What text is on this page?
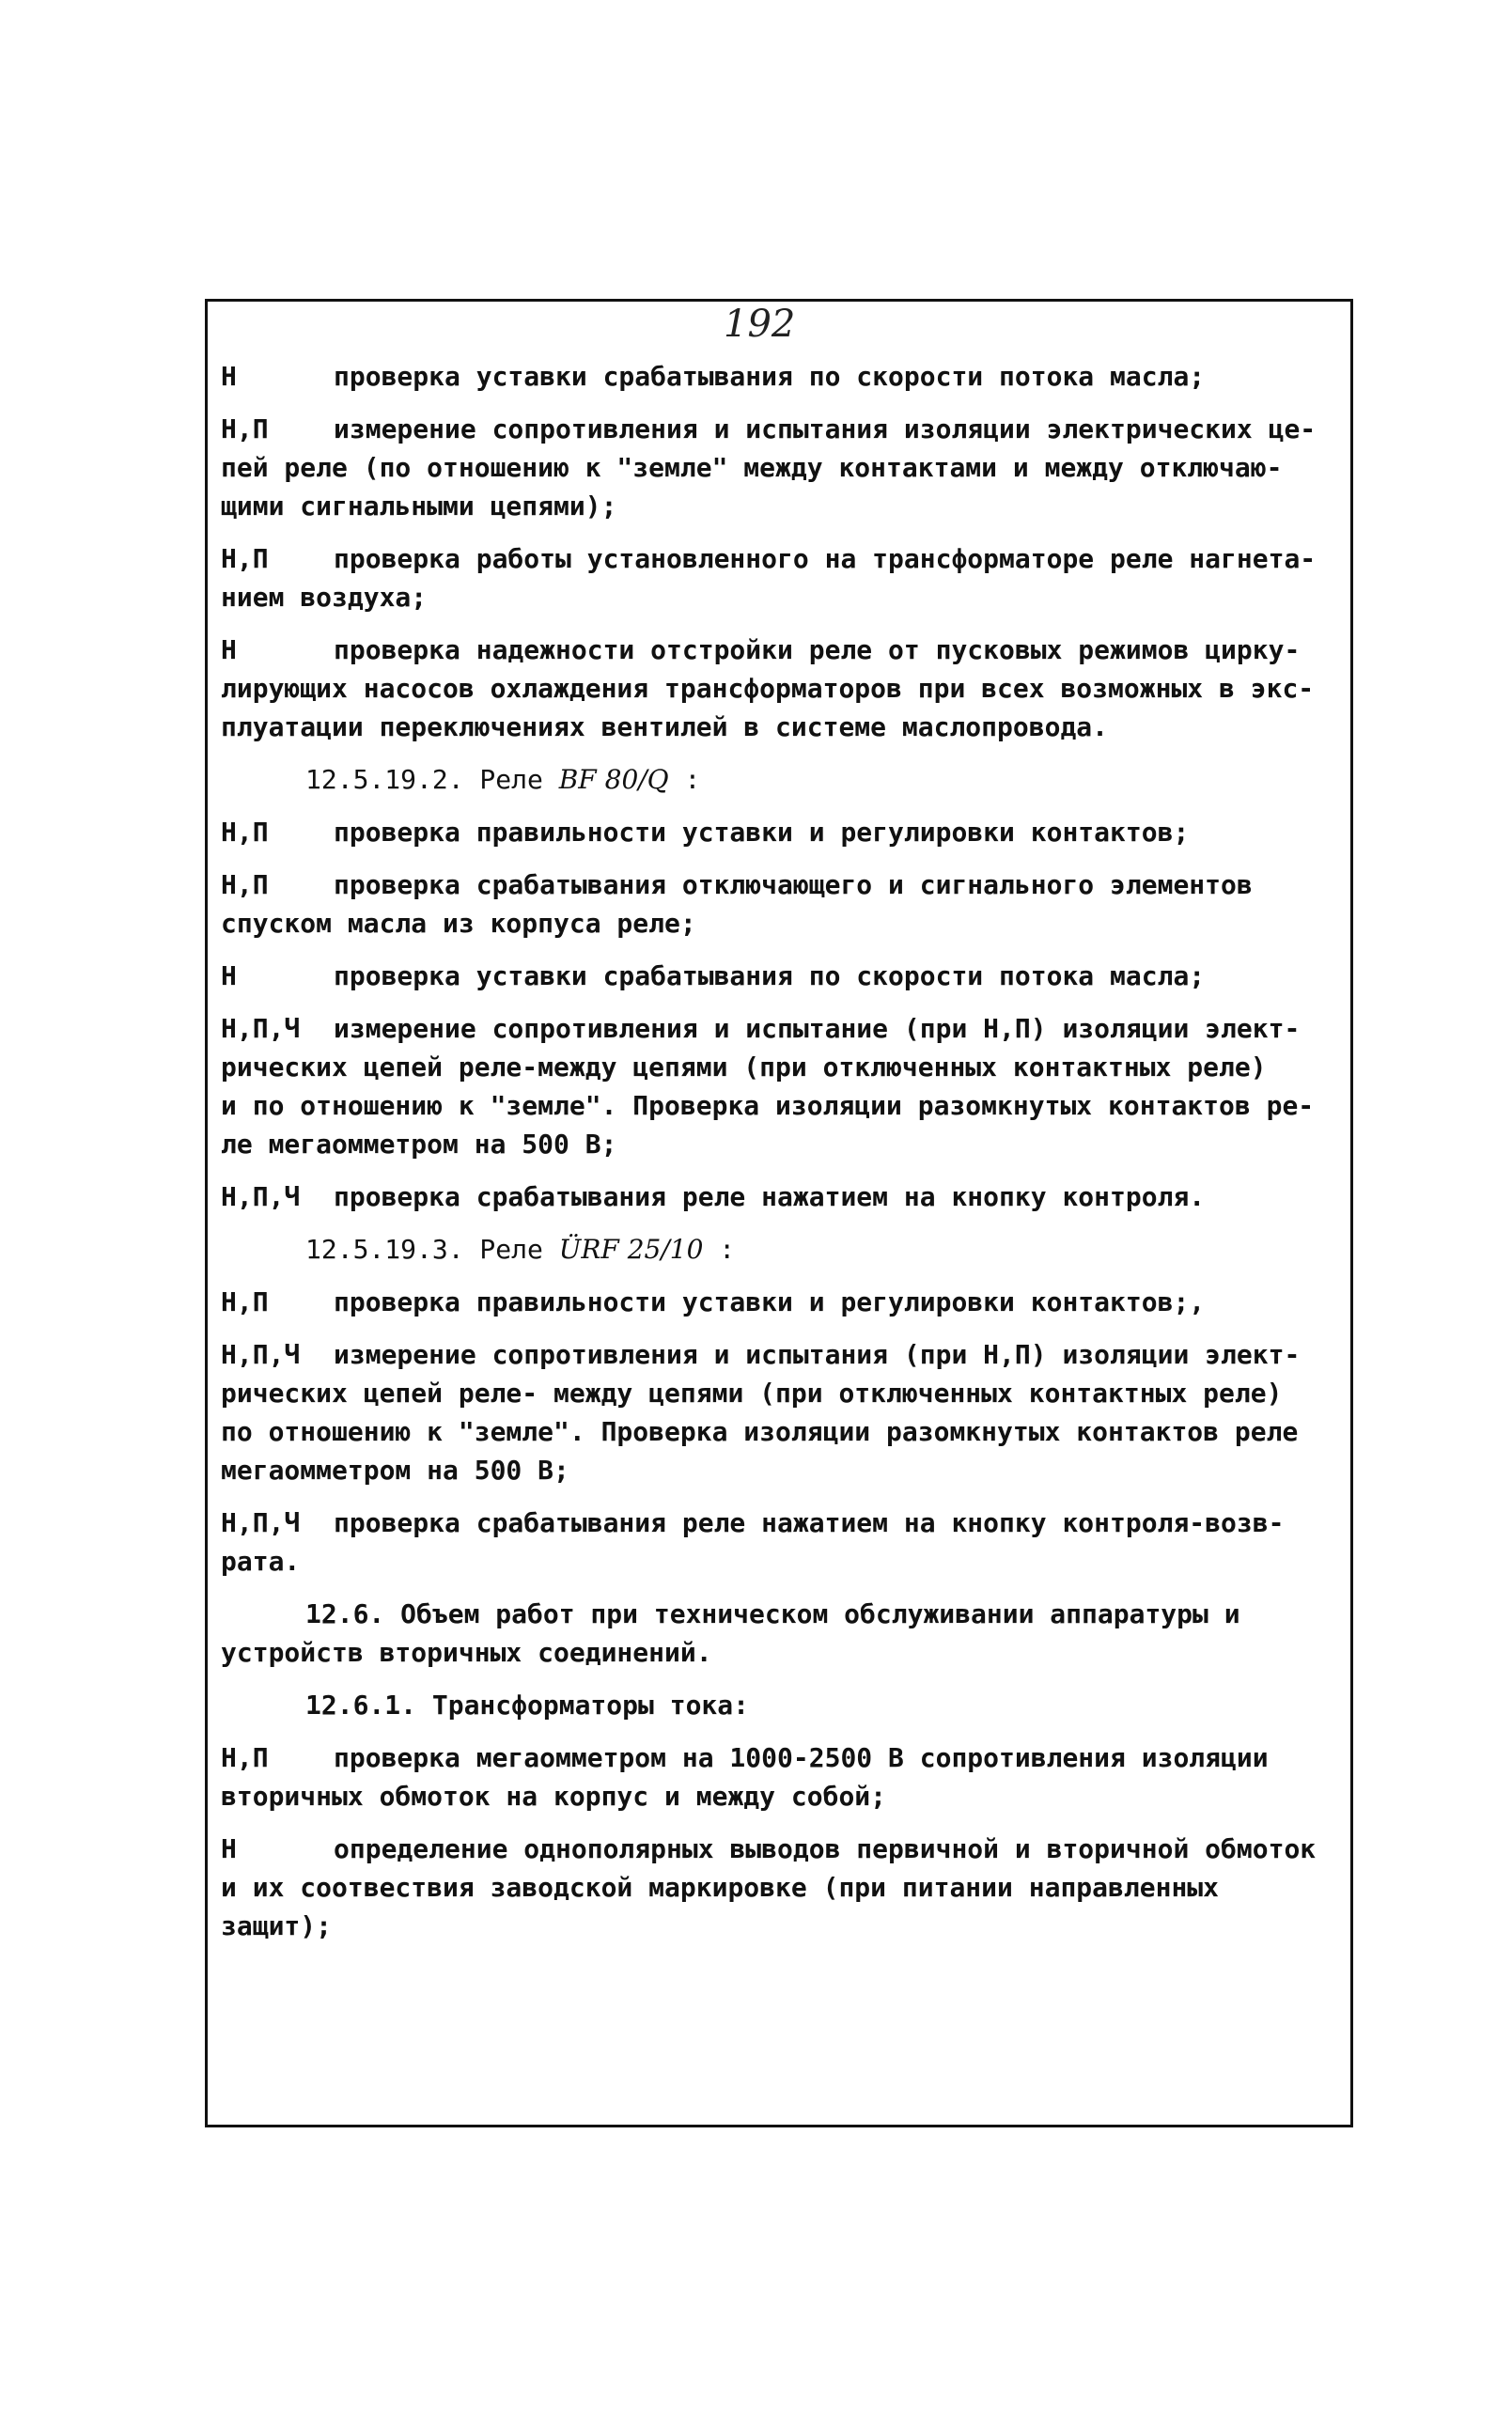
192
Н	проверка уставки срабатывания по скорости потока масла;
Н,П измерение сопротивления и испытания изоляции электрических це-
пей реле (по отношению к "земле" между контактами и между отключаю-
щими сигнальными цепями);
Н,П проверка работы установленного на трансформаторе реле нагнета-
нием воздуха;
Н	проверка надежности отстройки реле от пусковых режимов цирку-
лирующих насосов охлаждения трансформаторов при всех возможных в экс-
плуатации переключениях вентилей в системе маслопровода.
12.5.19.2. Реле BF 80/Q :
Н,П проверка правильности уставки и регулировки контактов;
Н,П проверка срабатывания отключающего и сигнального элементов
спуском масла из корпуса реле;
Н	проверка уставки срабатывания по скорости потока масла;
Н,П,Ч измерение сопротивления и испытание (при Н,П) изоляции элект-
рических цепей реле-между цепями (при отключенных контактных реле)
и по отношению к "земле". Проверка изоляции разомкнутых контактов ре-
ле мегаомметром на 500 В;
Н,П,Ч проверка срабатывания реле нажатием на кнопку контроля.
12.5.19.3. Реле ÜRF 25/10 :
Н,П проверка правильности уставки и регулировки контактов;,
Н,П,Ч измерение сопротивления и испытания (при Н,П) изоляции элект-
рических цепей реле- между цепями (при отключенных контактных реле)
по отношению к "земле". Проверка изоляции разомкнутых контактов реле
мегаомметром на 500 В;
Н,П,Ч проверка срабатывания реле нажатием на кнопку контроля-возв-
рата.
12.6. Объем работ при техническом обслуживании аппаратуры и
устройств вторичных соединений.
12.6.1. Трансформаторы тока:
Н,П проверка мегаомметром на 1000-2500 В сопротивления изоляции
вторичных обмоток на корпус и между собой;
Н	определение однополярных выводов первичной и вторичной обмоток
и их соотвествия заводской маркировке (при питании направленных
защит);
